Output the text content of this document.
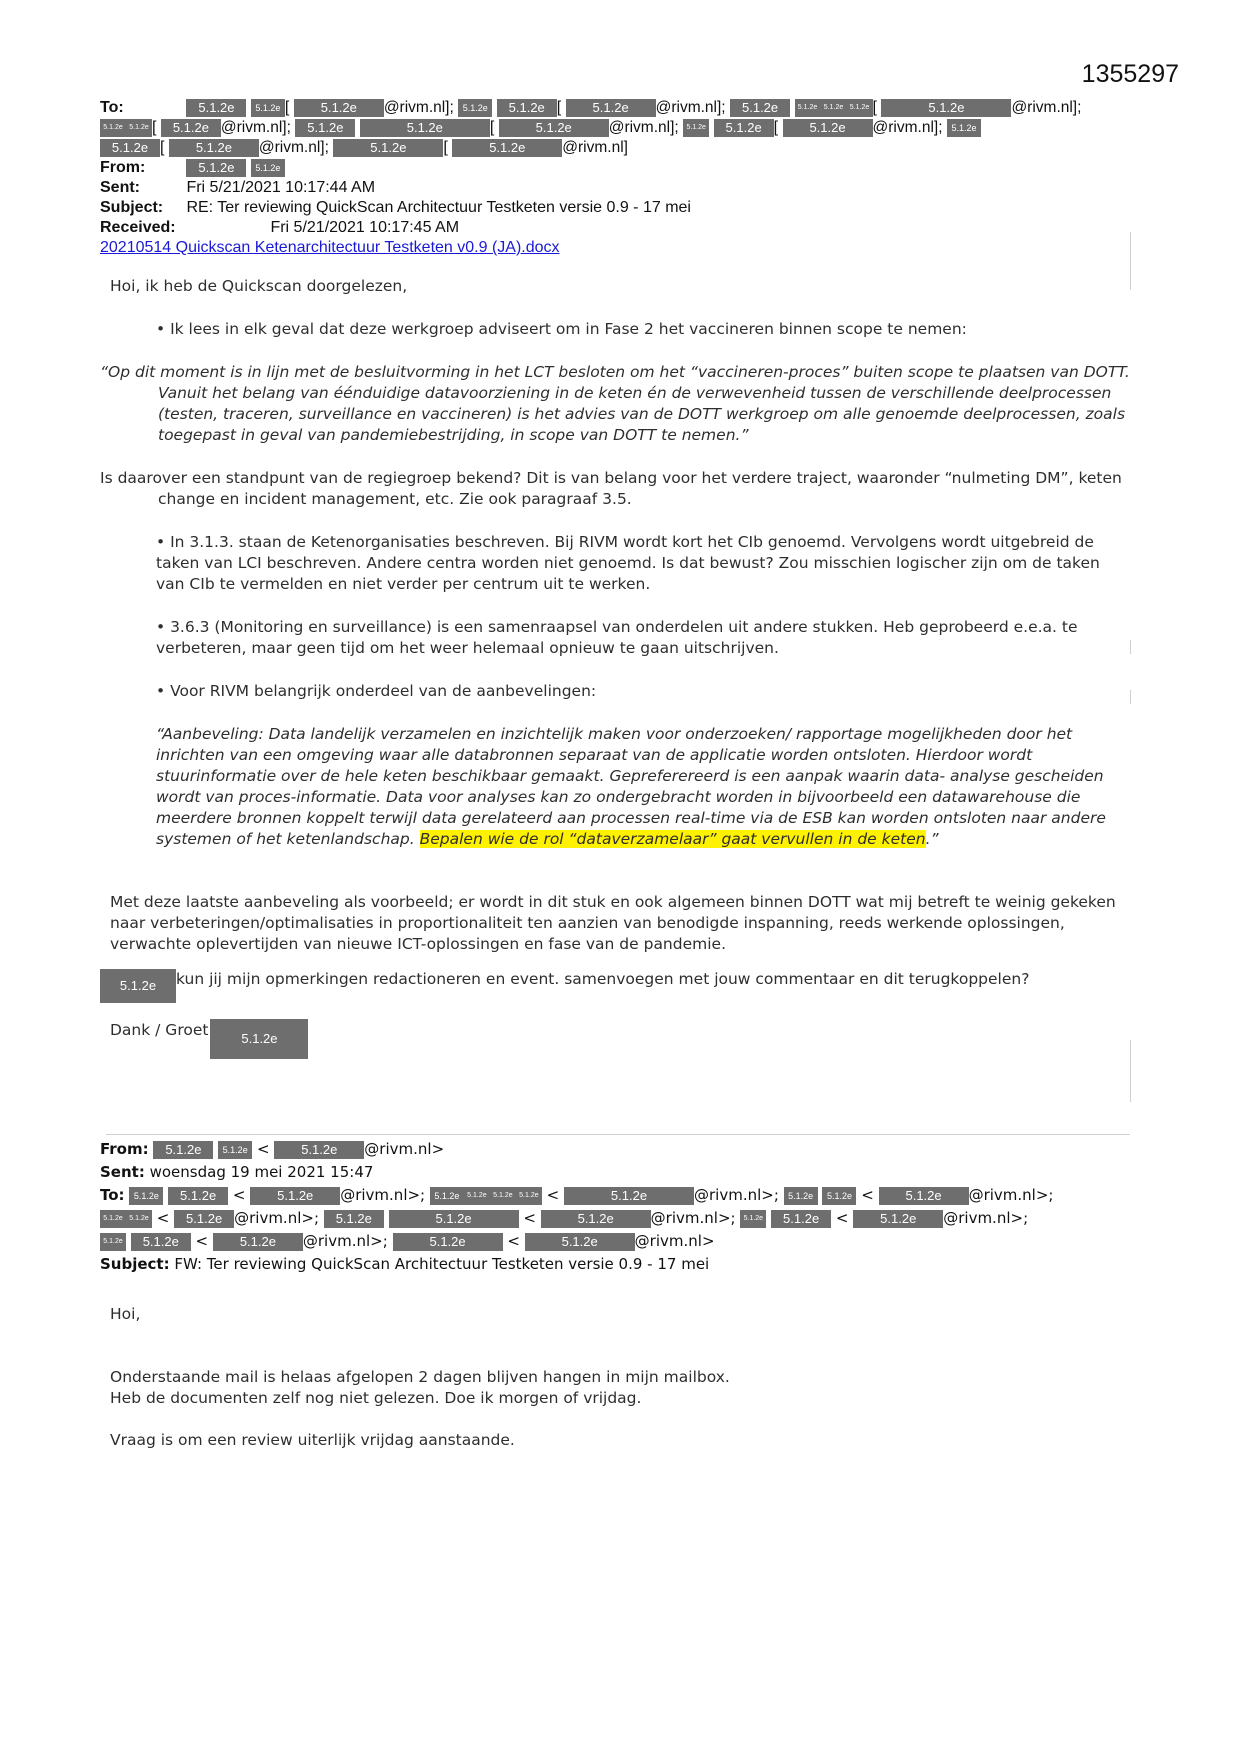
1355297
To:	5.1.2e 5.1.2e [ 5.1.2e @rivm.nl]; 5.1.2e 5.1.2e [ 5.1.2e @rivm.nl]; 5.1.2e	5.1.2e 5.1.2e 5.1.2e [	5.1.2e	@rivm.nl];
5.1.2e 5.1.2e [ 5.1.2e @rivm.nl]; 5.1.2e	5.1.2e	[	5.1.2e @rivm.nl]; 5.1.2e 5.1.2e [ 5.1.2e @rivm.nl]; 5.1.2e
5.1.2e [ 5.1.2e @rivm.nl];	5.1.2e [	5.1.2e @rivm.nl]
From:	5.1.2e 5.1.2e
Sent:	Fri 5/21/2021 10:17:44 AM
Subject: RE: Ter reviewing QuickScan Architectuur Testketen versie 0.9 - 17 mei
Received:	Fri 5/21/2021 10:17:45 AM
20210514 Quickscan Ketenarchitectuur Testketen v0.9 (JA).docx

Hoi, ik heb de Quickscan doorgelezen,

• Ik lees in elk geval dat deze werkgroep adviseert om in Fase 2 het vaccineren binnen scope te nemen:

“Op dit moment is in lijn met de besluitvorming in het LCT besloten om het “vaccineren-proces” buiten scope te plaatsen van DOTT. Vanuit het belang van éénduidige datavoorziening in de keten én de verwevenheid tussen de verschillende deelprocessen (testen, traceren, surveillance en vaccineren) is het advies van de DOTT werkgroep om alle genoemde deelprocessen, zoals toegepast in geval van pandemiebestrijding, in scope van DOTT te nemen.”

Is daarover een standpunt van de regiegroep bekend? Dit is van belang voor het verdere traject, waaronder “nulmeting DM”, keten change en incident management, etc. Zie ook paragraaf 3.5.

• In 3.1.3. staan de Ketenorganisaties beschreven. Bij RIVM wordt kort het CIb genoemd. Vervolgens wordt uitgebreid de taken van LCI beschreven. Andere centra worden niet genoemd. Is dat bewust? Zou misschien logischer zijn om de taken van CIb te vermelden en niet verder per centrum uit te werken.

• 3.6.3 (Monitoring en surveillance) is een samenraapsel van onderdelen uit andere stukken. Heb geprobeerd e.e.a. te verbeteren, maar geen tijd om het weer helemaal opnieuw te gaan uitschrijven.

• Voor RIVM belangrijk onderdeel van de aanbevelingen:

“Aanbeveling: Data landelijk verzamelen en inzichtelijk maken voor onderzoeken/ rapportage mogelijkheden door het inrichten van een omgeving waar alle databronnen separaat van de applicatie worden ontsloten. Hierdoor wordt stuurinformatie over de hele keten beschikbaar gemaakt. Gepreferereerd is een aanpak waarin data- analyse gescheiden wordt van proces-informatie. Data voor analyses kan zo ondergebracht worden in bijvoorbeeld een datawarehouse die meerdere bronnen koppelt terwijl data gerelateerd aan processen real-time via de ESB kan worden ontsloten naar andere systemen of het ketenlandschap. Bepalen wie de rol “dataverzamelaar” gaat vervullen in de keten.”

Met deze laatste aanbeveling als voorbeeld; er wordt in dit stuk en ook algemeen binnen DOTT wat mij betreft te weinig gekeken naar verbeteringen/optimalisaties in proportionaliteit ten aanzien van benodigde inspanning, reeds werkende oplossingen, verwachte oplevertijden van nieuwe ICT-oplossingen en fase van de pandemie.

5.1.2e kun jij mijn opmerkingen redactioneren en event. samenvoegen met jouw commentaar en dit terugkoppelen?

Dank / Groet	5.1.2e

From: 5.1.2e 5.1.2e < 5.1.2e @rivm.nl>
Sent: woensdag 19 mei 2021 15:47
To: 5.1.2e 5.1.2e < 5.1.2e @rivm.nl>; 5.1.2e 5.1.2e 5.1.2e 5.1.2e <	5.1.2e	@rivm.nl>; 5.1.2e 5.1.2e < 5.1.2e @rivm.nl>;
5.1.2e 5.1.2e < 5.1.2e @rivm.nl>; 5.1.2e	5.1.2e	<	5.1.2e @rivm.nl>; 5.1.2e 5.1.2e < 5.1.2e @rivm.nl>;
5.1.2e 5.1.2e < 5.1.2e @rivm.nl>;	5.1.2e <	5.1.2e @rivm.nl>
Subject: FW: Ter reviewing QuickScan Architectuur Testketen versie 0.9 - 17 mei

Hoi,

Onderstaande mail is helaas afgelopen 2 dagen blijven hangen in mijn mailbox.

Heb de documenten zelf nog niet gelezen. Doe ik morgen of vrijdag.

Vraag is om een review uiterlijk vrijdag aanstaande.
